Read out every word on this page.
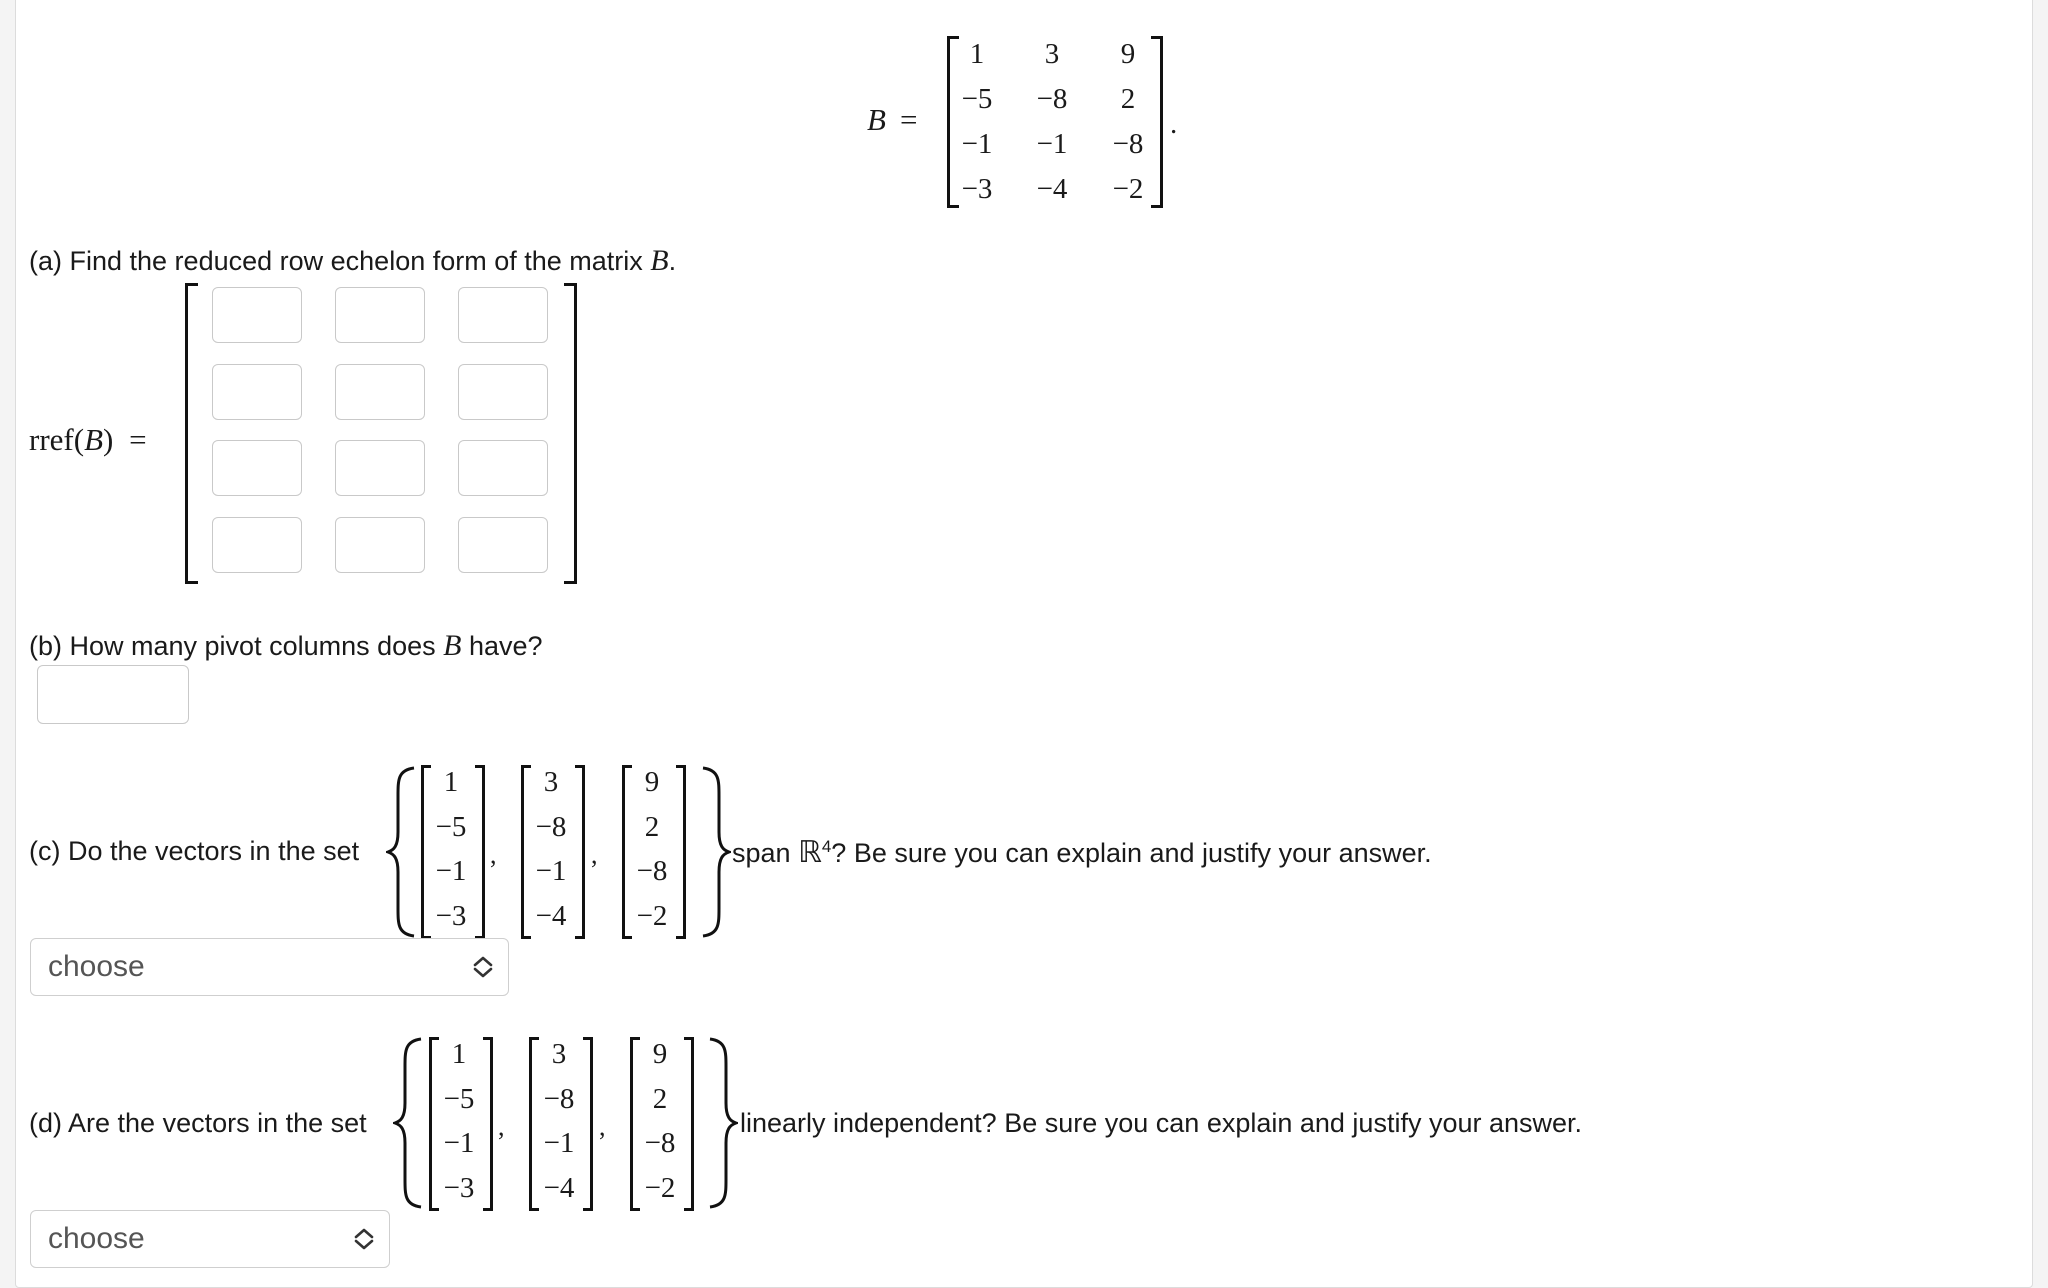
B =
1	3	9
−5	−8	2
−1	−1	−8
−3	−4	−2
.
(a) Find the reduced row echelon form of the matrix B.
rref(B) =
(b) How many pivot columns does B have?
(c) Do the vectors in the set
1
−5
−1
−3
,
3
−8
−1
−4
,
9
2
−8
−2
span ℝ$^4$? Be sure you can explain and justify your answer.
choose
(d) Are the vectors in the set
1
−5
−1
−3
,
3
−8
−1
−4
,
9
2
−8
−2
linearly independent? Be sure you can explain and justify your answer.
choose
